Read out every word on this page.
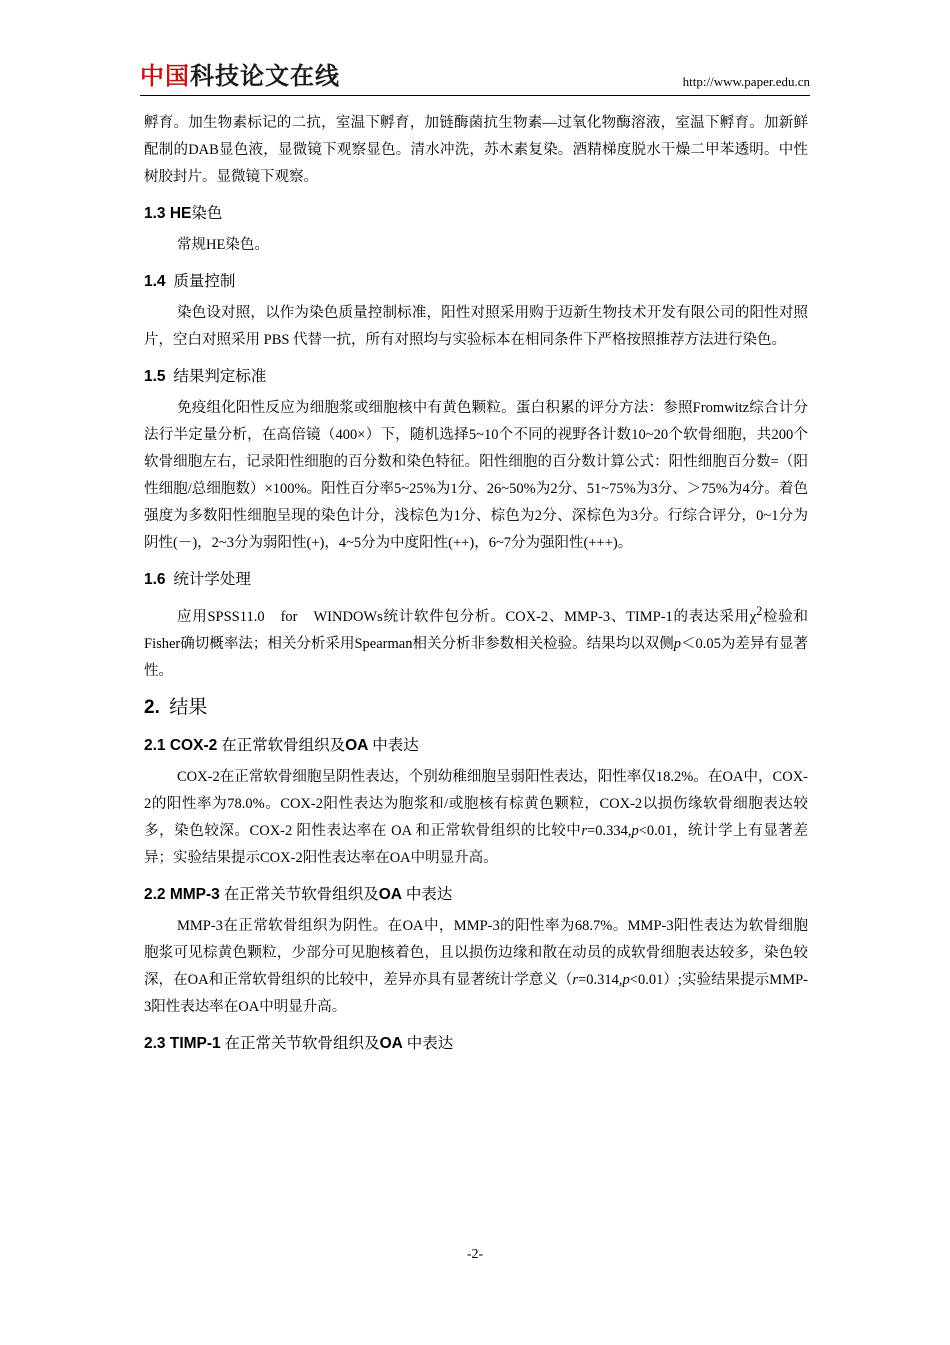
中国 科技论文在线	http://www.paper.edu.cn

孵育。加生物素标记的二抗，室温下孵育，加链酶菌抗生物素—过氧化物酶溶液，室温下孵育。加新鲜配制的DAB显色液，显微镜下观察显色。清水冲洗，苏木素复染。酒精梯度脱水干燥二甲苯透明。中性树胶封片。显微镜下观察。

1.3 HE染色

常规HE染色。

1.4 质量控制

染色设对照，以作为染色质量控制标准，阳性对照采用购于迈新生物技术开发有限公司的阳性对照片，空白对照采用 PBS 代替一抗，所有对照均与实验标本在相同条件下严格按照推荐方法进行染色。

1.5 结果判定标准

免疫组化阳性反应为细胞浆或细胞核中有黄色颗粒。蛋白积累的评分方法：参照Fromwitz综合计分法行半定量分析，在高倍镜（400×）下，随机选择5~10个不同的视野各计数10~20个软骨细胞，共200个软骨细胞左右，记录阳性细胞的百分数和染色特征。阳性细胞的百分数计算公式：阳性细胞百分数=（阳性细胞/总细胞数）×100%。阳性百分率5~25%为1分、26~50%为2分、51~75%为3分、＞75%为4分。着色强度为多数阳性细胞呈现的染色计分，浅棕色为1分、棕色为2分、深棕色为3分。行综合评分，0~1分为阴性(－)，2~3分为弱阳性(+)，4~5分为中度阳性(++)，6~7分为强阳性(+++)。

1.6 统计学处理

应用SPSS11.0　for　WINDOWs统计软件包分析。COX-2、MMP-3、TIMP-1的表达采用$\chi^2$检验和Fisher确切概率法；相关分析采用Spearman相关分析非参数相关检验。结果均以双侧p＜0.05为差异有显著性。

2. 结果
2.1 COX-2 在正常软骨组织及OA 中表达

COX-2在正常软骨细胞呈阴性表达，个别幼稚细胞呈弱阳性表达，阳性率仅18.2%。在OA中，COX-2的阳性率为78.0%。COX-2阳性表达为胞浆和/或胞核有棕黄色颗粒，COX-2以损伤缘软骨细胞表达较多，染色较深。COX-2 阳性表达率在 OA 和正常软骨组织的比较中r=0.334,p<0.01，统计学上有显著差异；实验结果提示COX-2阳性表达率在OA中明显升高。

2.2 MMP-3 在正常关节软骨组织及OA 中表达

MMP-3在正常软骨组织为阴性。在OA中，MMP-3的阳性率为68.7%。MMP-3阳性表达为软骨细胞胞浆可见棕黄色颗粒，少部分可见胞核着色，且以损伤边缘和散在动员的成软骨细胞表达较多，染色较深，在OA和正常软骨组织的比较中，差异亦具有显著统计学意义（r=0.314,p<0.01）;实验结果提示MMP-3阳性表达率在OA中明显升高。

2.3 TIMP-1 在正常关节软骨组织及OA 中表达
-2-
